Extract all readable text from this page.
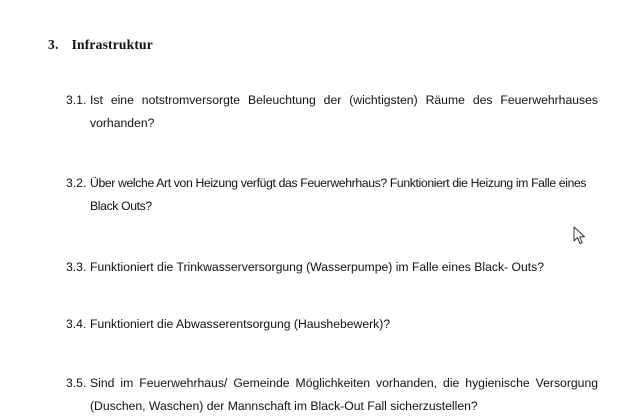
3. Infrastruktur
3.1. Ist eine notstromversorgte Beleuchtung der (wichtigsten) Räume des Feuerwehrhauses vorhanden?
3.2. Über welche Art von Heizung verfügt das Feuerwehrhaus? Funktioniert die Heizung im Falle eines Black Outs?
3.3. Funktioniert die Trinkwasserversorgung (Wasserpumpe) im Falle eines Black- Outs?
3.4. Funktioniert die Abwasserentsorgung (Haushebewerk)?
3.5. Sind im Feuerwehrhaus/ Gemeinde Möglichkeiten vorhanden, die hygienische Versorgung (Duschen, Waschen) der Mannschaft im Black-Out Fall sicherzustellen?
